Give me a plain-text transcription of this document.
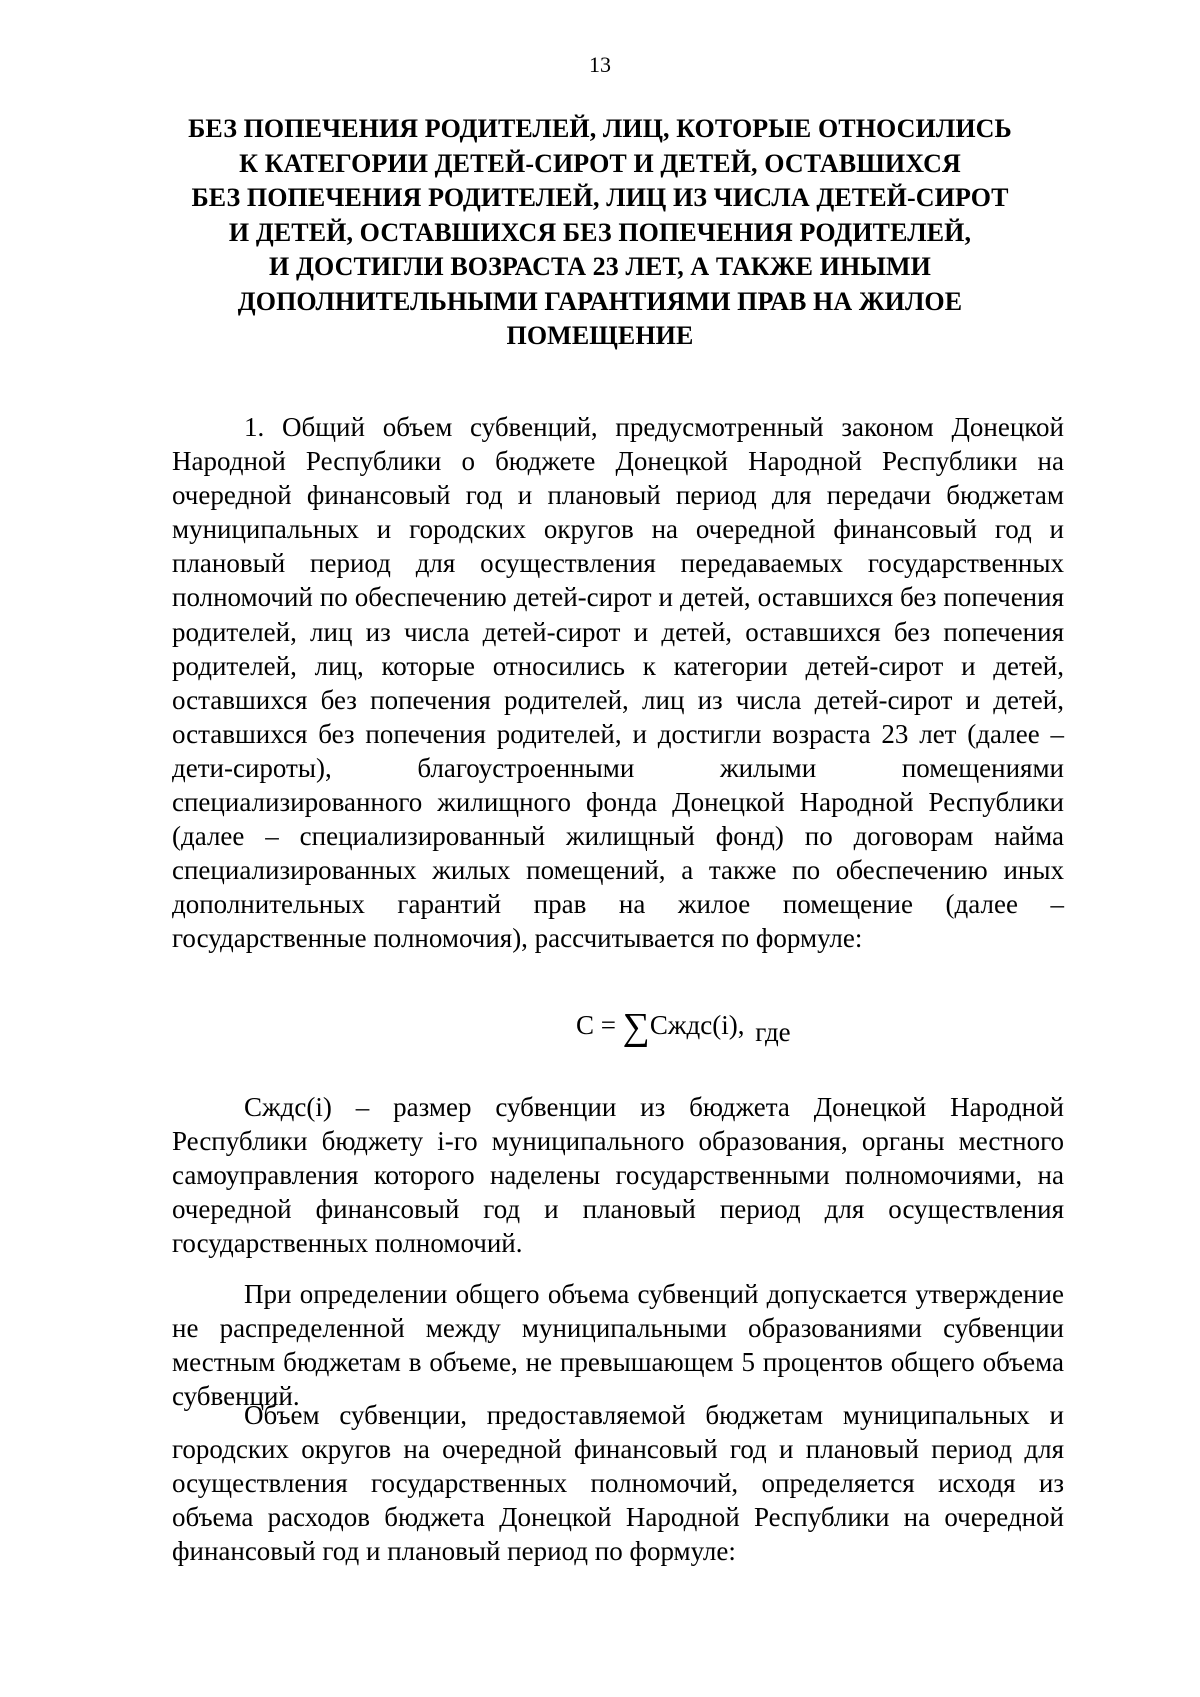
13
БЕЗ ПОПЕЧЕНИЯ РОДИТЕЛЕЙ, ЛИЦ, КОТОРЫЕ ОТНОСИЛИСЬ
К КАТЕГОРИИ ДЕТЕЙ-СИРОТ И ДЕТЕЙ, ОСТАВШИХСЯ
БЕЗ ПОПЕЧЕНИЯ РОДИТЕЛЕЙ, ЛИЦ ИЗ ЧИСЛА ДЕТЕЙ-СИРОТ
И ДЕТЕЙ, ОСТАВШИХСЯ БЕЗ ПОПЕЧЕНИЯ РОДИТЕЛЕЙ,
И ДОСТИГЛИ ВОЗРАСТА 23 ЛЕТ, А ТАКЖЕ ИНЫМИ
ДОПОЛНИТЕЛЬНЫМИ ГАРАНТИЯМИ ПРАВ НА ЖИЛОЕ
ПОМЕЩЕНИЕ

1. Общий объем субвенций, предусмотренный законом Донецкой Народной Республики о бюджете Донецкой Народной Республики на очередной финансовый год и плановый период для передачи бюджетам муниципальных и городских округов на очередной финансовый год и плановый период для осуществления передаваемых государственных полномочий по обеспечению детей-сирот и детей, оставшихся без попечения родителей, лиц из числа детей-сирот и детей, оставшихся без попечения родителей, лиц, которые относились к категории детей-сирот и детей, оставшихся без попечения родителей, лиц из числа детей-сирот и детей, оставшихся без попечения родителей, и достигли возраста 23 лет (далее – дети-сироты), благоустроенными жилыми помещениями специализированного жилищного фонда Донецкой Народной Республики (далее – специализированный жилищный фонд) по договорам найма специализированных жилых помещений, а также по обеспечению иных дополнительных гарантий прав на жилое помещение (далее – государственные полномочия), рассчитывается по формуле:

С = ∑Сждс(i), где

Сждс(i) – размер субвенции из бюджета Донецкой Народной Республики бюджету i-го муниципального образования, органы местного самоуправления которого наделены государственными полномочиями, на очередной финансовый год и плановый период для осуществления государственных полномочий.

При определении общего объема субвенций допускается утверждение не распределенной между муниципальными образованиями субвенции местным бюджетам в объеме, не превышающем 5 процентов общего объема субвенций.

Объем субвенции, предоставляемой бюджетам муниципальных и городских округов на очередной финансовый год и плановый период для осуществления государственных полномочий, определяется исходя из объема расходов бюджета Донецкой Народной Республики на очередной финансовый год и плановый период по формуле:
